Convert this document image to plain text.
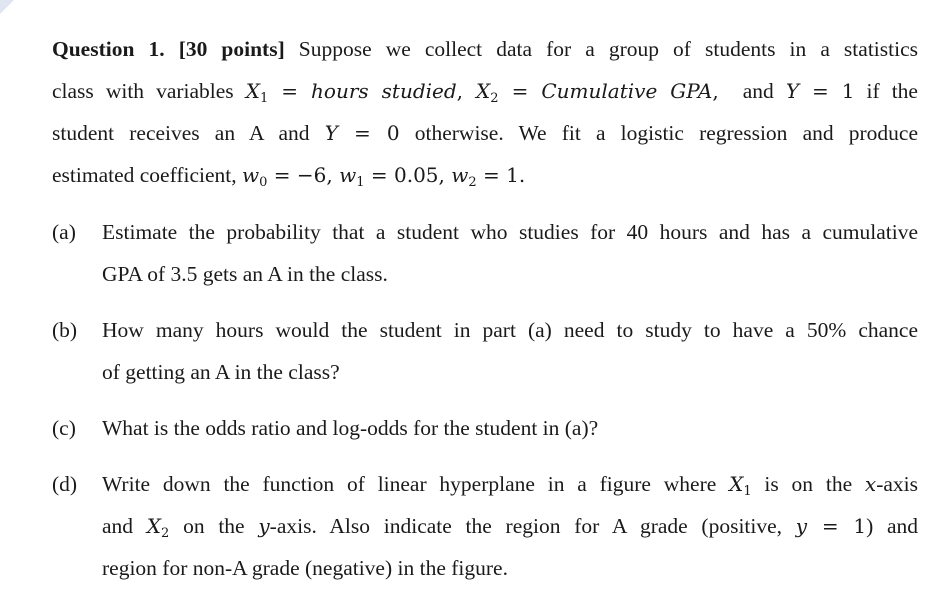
Question 1. [30 points] Suppose we collect data for a group of students in a statistics
class with variables $X_1$ = hours studied, $X_2$ = Cumulative GPA,  and Y = 1 if the
student receives an A and Y = 0 otherwise. We fit a logistic regression and produce
estimated coefficient, $w_0 = -6$, $w_1 = 0.05$, $w_2 = 1$.
(a) Estimate the probability that a student who studies for 40 hours and has a cumulative
GPA of 3.5 gets an A in the class.
(b) How many hours would the student in part (a) need to study to have a 50% chance
of getting an A in the class?
(c) What is the odds ratio and log-odds for the student in (a)?
(d) Write down the function of linear hyperplane in a figure where $X_1$ is on the x-axis
and $X_2$ on the y-axis. Also indicate the region for A grade (positive, y = 1) and
region for non-A grade (negative) in the figure.
